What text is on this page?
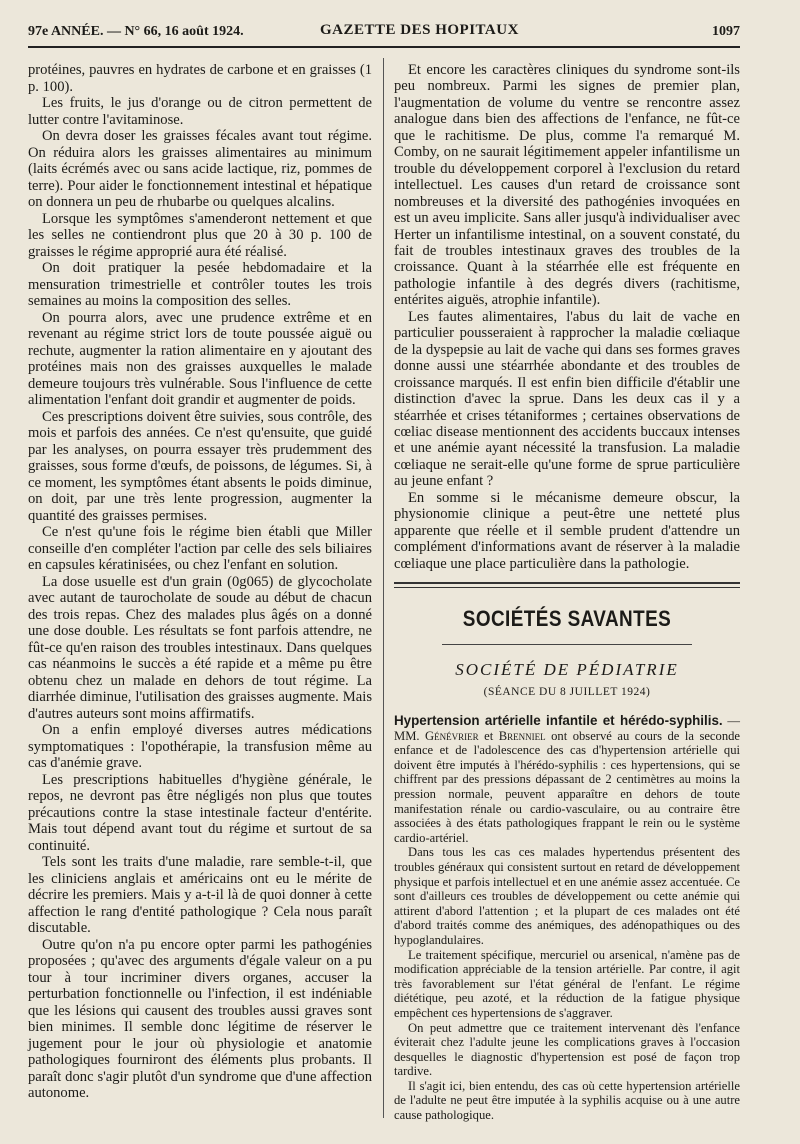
97e ANNÉE. — N° 66, 16 août 1924.	GAZETTE DES HOPITAUX	1097

protéines, pauvres en hydrates de carbone et en graisses (1 p. 100).

Les fruits, le jus d'orange ou de citron permettent de lutter contre l'avitaminose.

On devra doser les graisses fécales avant tout régime. On réduira alors les graisses alimentaires au minimum (laits écrémés avec ou sans acide lactique, riz, pommes de terre). Pour aider le fonctionnement intestinal et hépatique on donnera un peu de rhubarbe ou quelques alcalins.

Lorsque les symptômes s'amenderont nettement et que les selles ne contiendront plus que 20 à 30 p. 100 de graisses le régime approprié aura été réalisé.

On doit pratiquer la pesée hebdomadaire et la mensuration trimestrielle et contrôler toutes les trois semaines au moins la composition des selles.

On pourra alors, avec une prudence extrême et en revenant au régime strict lors de toute poussée aiguë ou rechute, augmenter la ration alimentaire en y ajoutant des protéines mais non des graisses auxquelles le malade demeure toujours très vulnérable. Sous l'influence de cette alimentation l'enfant doit grandir et augmenter de poids.

Ces prescriptions doivent être suivies, sous contrôle, des mois et parfois des années. Ce n'est qu'ensuite, que guidé par les analyses, on pourra essayer très prudemment des graisses, sous forme d'œufs, de poissons, de légumes. Si, à ce moment, les symptômes étant absents le poids diminue, on doit, par une très lente progression, augmenter la quantité des graisses permises.

Ce n'est qu'une fois le régime bien établi que Miller conseille d'en compléter l'action par celle des sels biliaires en capsules kératinisées, ou chez l'enfant en solution.

La dose usuelle est d'un grain (0g065) de glycocholate avec autant de taurocholate de soude au début de chacun des trois repas. Chez des malades plus âgés on a donné une dose double. Les résultats se font parfois attendre, ne fût-ce qu'en raison des troubles intestinaux. Dans quelques cas néanmoins le succès a été rapide et a même pu être obtenu chez un malade en dehors de tout régime. La diarrhée diminue, l'utilisation des graisses augmente. Mais d'autres auteurs sont moins affirmatifs.

On a enfin employé diverses autres médications symptomatiques : l'opothérapie, la transfusion même au cas d'anémie grave.

Les prescriptions habituelles d'hygiène générale, le repos, ne devront pas être négligés non plus que toutes précautions contre la stase intestinale facteur d'entérite. Mais tout dépend avant tout du régime et surtout de sa continuité.

Tels sont les traits d'une maladie, rare semble-t-il, que les cliniciens anglais et américains ont eu le mérite de décrire les premiers. Mais y a-t-il là de quoi donner à cette affection le rang d'entité pathologique ? Cela nous paraît discutable.

Outre qu'on n'a pu encore opter parmi les pathogénies proposées ; qu'avec des arguments d'égale valeur on a pu tour à tour incriminer divers organes, accuser la perturbation fonctionnelle ou l'infection, il est indéniable que les lésions qui causent des troubles aussi graves sont bien minimes. Il semble donc légitime de réserver le jugement pour le jour où physiologie et anatomie pathologiques fourniront des éléments plus probants. Il paraît donc s'agir plutôt d'un syndrome que d'une affection autonome.

Et encore les caractères cliniques du syndrome sont-ils peu nombreux. Parmi les signes de premier plan, l'augmentation de volume du ventre se rencontre assez analogue dans bien des affections de l'enfance, ne fût-ce que le rachitisme. De plus, comme l'a remarqué M. Comby, on ne saurait légitimement appeler infantilisme un trouble du développement corporel à l'exclusion du retard intellectuel. Les causes d'un retard de croissance sont nombreuses et la diversité des pathogénies invoquées en est un aveu implicite. Sans aller jusqu'à individualiser avec Herter un infantilisme intestinal, on a souvent constaté, du fait de troubles intestinaux graves des troubles de la croissance. Quant à la stéarrhée elle est fréquente en pathologie infantile à des degrés divers (rachitisme, entérites aiguës, atrophie infantile).

Les fautes alimentaires, l'abus du lait de vache en particulier pousseraient à rapprocher la maladie cœliaque de la dyspepsie au lait de vache qui dans ses formes graves donne aussi une stéarrhée abondante et des troubles de croissance marqués. Il est enfin bien difficile d'établir une distinction d'avec la sprue. Dans les deux cas il y a stéarrhée et crises tétaniformes ; certaines observations de cœliac disease mentionnent des accidents buccaux intenses et une anémie ayant nécessité la transfusion. La maladie cœliaque ne serait-elle qu'une forme de sprue particulière au jeune enfant ?

En somme si le mécanisme demeure obscur, la physionomie clinique a peut-être une netteté plus apparente que réelle et il semble prudent d'attendre un complément d'informations avant de réserver à la maladie cœliaque une place particulière dans la pathologie.

SOCIÉTÉS SAVANTES
SOCIÉTÉ DE PÉDIATRIE
(SÉANCE DU 8 JUILLET 1924)

Hypertension artérielle infantile et hérédo-syphilis. — MM. Génévrier et Brenniel ont observé au cours de la seconde enfance et de l'adolescence des cas d'hypertension artérielle qui doivent être imputés à l'hérédo-syphilis : ces hypertensions, qui se chiffrent par des pressions dépassant de 2 centimètres au moins la pression normale, peuvent apparaître en dehors de toute manifestation rénale ou cardio-vasculaire, ou au contraire être associées à des états pathologiques frappant le rein ou le système cardio-artériel.

Dans tous les cas ces malades hypertendus présentent des troubles généraux qui consistent surtout en retard de développement physique et parfois intellectuel et en une anémie assez accentuée. Ce sont d'ailleurs ces troubles de développement ou cette anémie qui attirent d'abord l'attention ; et la plupart de ces malades ont été d'abord traités comme des anémiques, des adénopathiques ou des hypoglandulaires.

Le traitement spécifique, mercuriel ou arsenical, n'amène pas de modification appréciable de la tension artérielle. Par contre, il agit très favorablement sur l'état général de l'enfant. Le régime diététique, peu azoté, et la réduction de la fatigue physique empêchent ces hypertensions de s'aggraver.

On peut admettre que ce traitement intervenant dès l'enfance éviterait chez l'adulte jeune les complications graves à l'occasion desquelles le diagnostic d'hypertension est posé de façon trop tardive.

Il s'agit ici, bien entendu, des cas où cette hypertension artérielle de l'adulte ne peut être imputée à la syphilis acquise ou à une autre cause pathologique.
